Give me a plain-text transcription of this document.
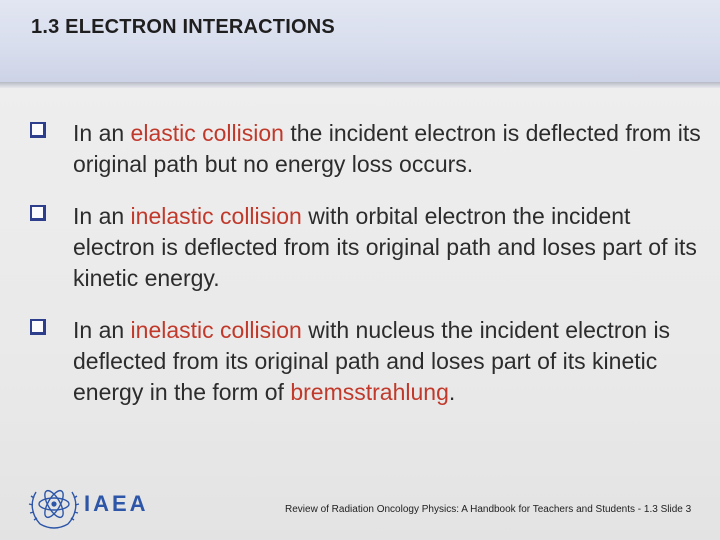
1.3 ELECTRON INTERACTIONS
In an elastic collision the incident electron is deflected from its original path but no energy loss occurs.
In an inelastic collision with orbital electron the incident electron is deflected from its original path and loses part of its kinetic energy.
In an inelastic collision with nucleus the incident electron is deflected from its original path and loses part of its kinetic energy in the form of bremsstrahlung.
IAEA	Review of Radiation Oncology Physics: A Handbook for Teachers and Students - 1.3 Slide 3
